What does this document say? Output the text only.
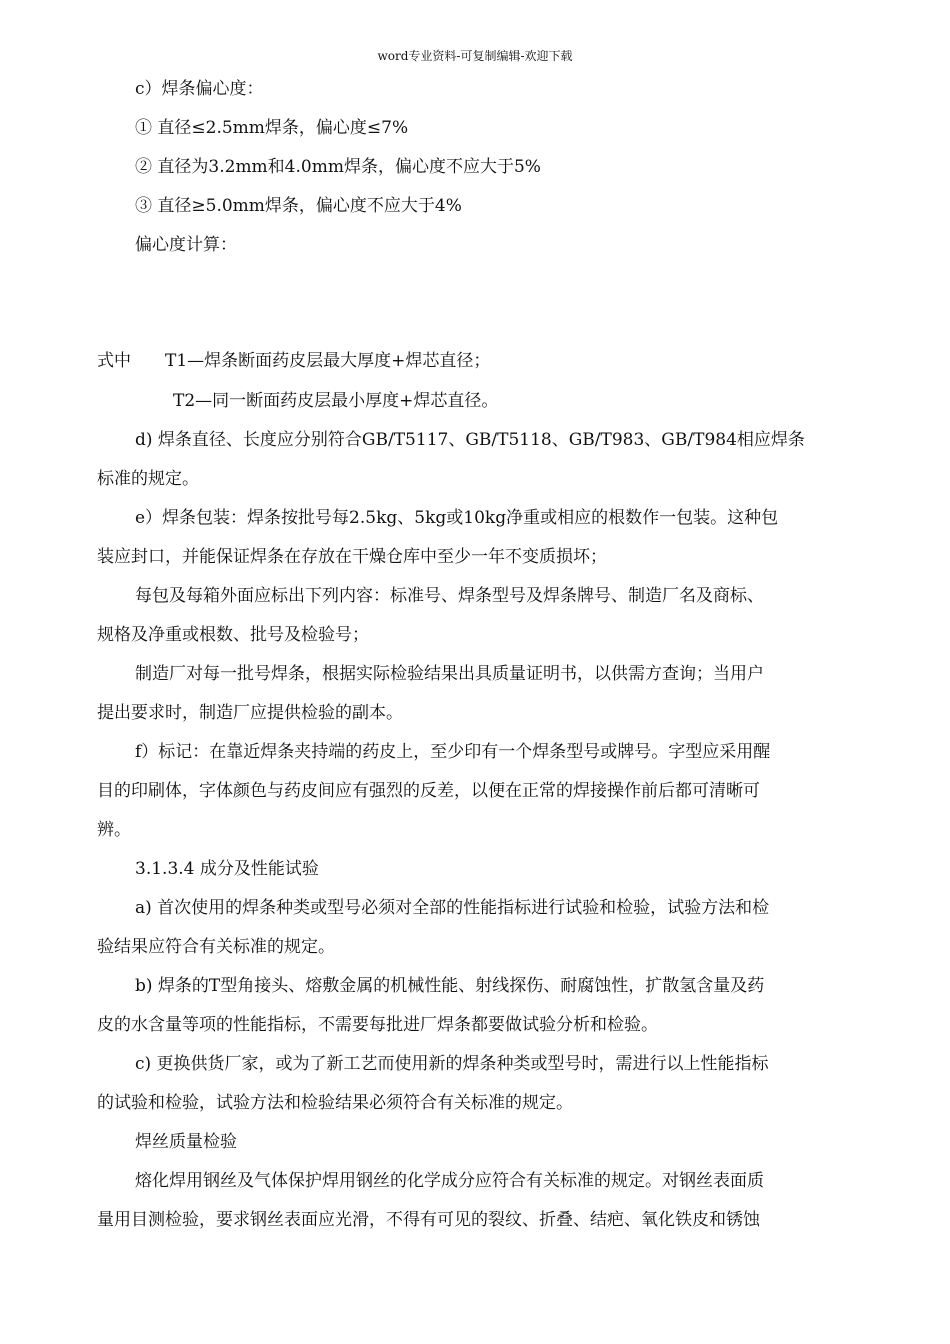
word专业资料-可复制编辑-欢迎下载
c）焊条偏心度：
① 直径≤2.5mm焊条，偏心度≤7%
② 直径为3.2mm和4.0mm焊条，偏心度不应大于5%
③ 直径≥5.0mm焊条，偏心度不应大于4%
偏心度计算：
式中　　T1—焊条断面药皮层最大厚度+焊芯直径；
T2—同一断面药皮层最小厚度+焊芯直径。
d) 焊条直径、长度应分别符合GB/T5117、GB/T5118、GB/T983、GB/T984相应焊条
标准的规定。
e）焊条包装：焊条按批号每2.5kg、5kg或10kg净重或相应的根数作一包装。这种包
装应封口，并能保证焊条在存放在干燥仓库中至少一年不变质损坏；
每包及每箱外面应标出下列内容：标准号、焊条型号及焊条牌号、制造厂名及商标、
规格及净重或根数、批号及检验号；
制造厂对每一批号焊条，根据实际检验结果出具质量证明书，以供需方查询；当用户
提出要求时，制造厂应提供检验的副本。
f）标记：在靠近焊条夹持端的药皮上，至少印有一个焊条型号或牌号。字型应采用醒
目的印刷体，字体颜色与药皮间应有强烈的反差，以便在正常的焊接操作前后都可清晰可
辨。
3.1.3.4 成分及性能试验
a) 首次使用的焊条种类或型号必须对全部的性能指标进行试验和检验，试验方法和检
验结果应符合有关标准的规定。
b) 焊条的T型角接头、熔敷金属的机械性能、射线探伤、耐腐蚀性，扩散氢含量及药
皮的水含量等项的性能指标，不需要每批进厂焊条都要做试验分析和检验。
c) 更换供货厂家，或为了新工艺而使用新的焊条种类或型号时，需进行以上性能指标
的试验和检验，试验方法和检验结果必须符合有关标准的规定。
焊丝质量检验
熔化焊用钢丝及气体保护焊用钢丝的化学成分应符合有关标准的规定。对钢丝表面质
量用目测检验，要求钢丝表面应光滑，不得有可见的裂纹、折叠、结疤、氧化铁皮和锈蚀
